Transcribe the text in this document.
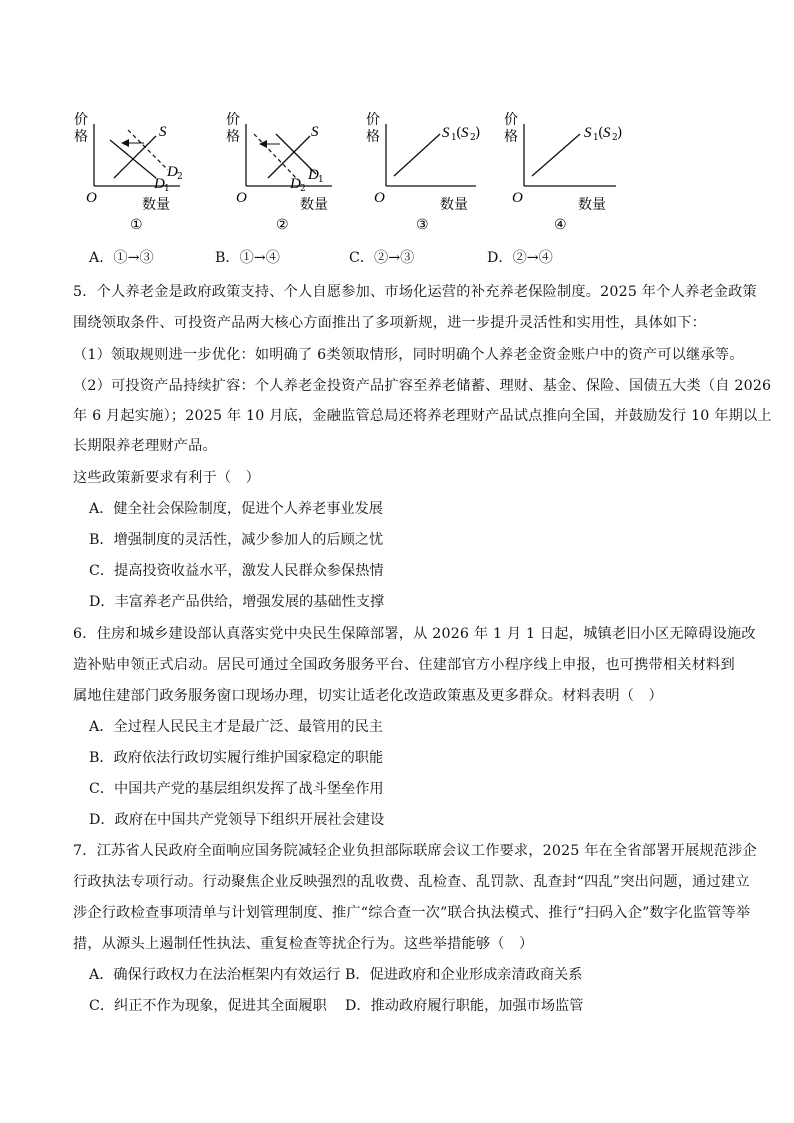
价
格
O	数量
S
D 1
D 2
①
价
格
O	数量
S
D 1
D 2
②
价
格
O	数量
S 1 ( S 2 )
③
价
格
O	数量
S 1 ( S 2 )
④
A．①→③	B．①→④	C．②→③	D．②→④
5．个人养老金是政府政策支持、个人自愿参加、市场化运营的补充养老保险制度。2025 年个人养老金政策
围绕领取条件、可投资产品两大核心方面推出了多项新规，进一步提升灵活性和实用性，具体如下：
（1）领取规则进一步优化：如明确了 6类领取情形，同时明确个人养老金资金账户中的资产可以继承等。
（2）可投资产品持续扩容：个人养老金投资产品扩容至养老储蓄、理财、基金、保险、国债五大类（自 2026
年 6 月起实施）；2025 年 10 月底，金融监管总局还将养老理财产品试点推向全国，并鼓励发行 10 年期以上
长期限养老理财产品。
这些政策新要求有利于（　）
A．健全社会保险制度，促进个人养老事业发展
B．增强制度的灵活性，减少参加人的后顾之忧
C．提高投资收益水平，激发人民群众参保热情
D．丰富养老产品供给，增强发展的基础性支撑
6．住房和城乡建设部认真落实党中央民生保障部署，从 2026 年 1 月 1 日起，城镇老旧小区无障碍设施改
造补贴申领正式启动。居民可通过全国政务服务平台、住建部官方小程序线上申报，也可携带相关材料到
属地住建部门政务服务窗口现场办理，切实让适老化改造政策惠及更多群众。材料表明（　）
A．全过程人民民主才是最广泛、最管用的民主
B．政府依法行政切实履行维护国家稳定的职能
C．中国共产党的基层组织发挥了战斗堡垒作用
D．政府在中国共产党领导下组织开展社会建设
7．江苏省人民政府全面响应国务院减轻企业负担部际联席会议工作要求，2025 年在全省部署开展规范涉企
行政执法专项行动。行动聚焦企业反映强烈的乱收费、乱检查、乱罚款、乱查封“四乱”突出问题，通过建立
涉企行政检查事项清单与计划管理制度、推广“综合查一次”联合执法模式、推行“扫码入企”数字化监管等举
措，从源头上遏制任性执法、重复检查等扰企行为。这些举措能够（　）
A．确保行政权力在法治框架内有效运行 B．促进政府和企业形成亲清政商关系
C．纠正不作为现象，促进其全面履职 D．推动政府履行职能，加强市场监管
